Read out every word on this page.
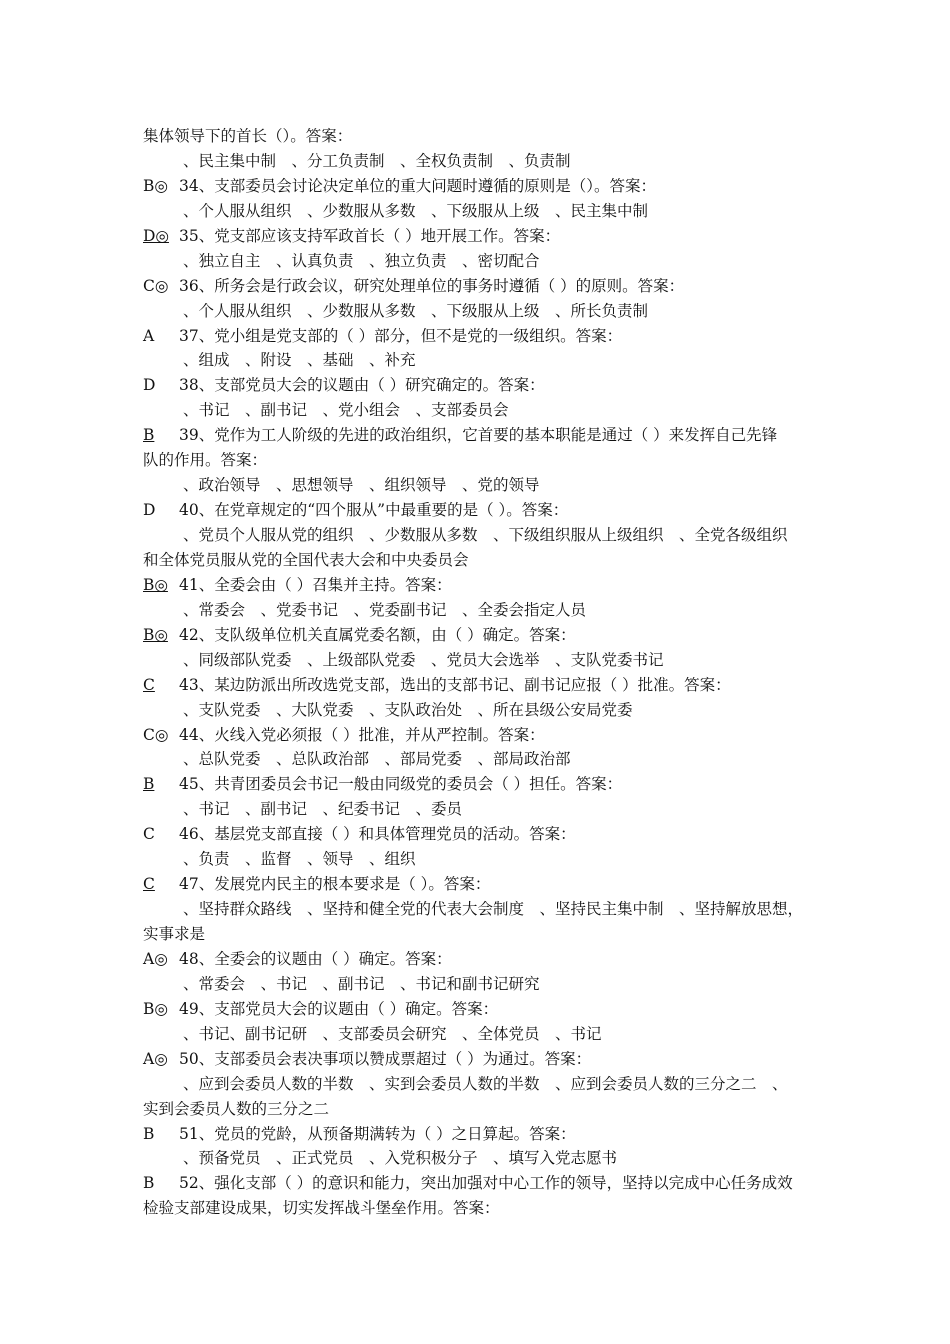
集体领导下的首长（）。答案：
、民主集中制　、分工负责制　、全权负责制　、负责制
B◎ 34、支部委员会讨论决定单位的重大问题时遵循的原则是（）。答案：
、个人服从组织　、少数服从多数　、下级服从上级　、民主集中制
D◎ 35、党支部应该支持军政首长（ ）地开展工作。答案：
、独立自主　、认真负责　、独立负责　、密切配合
C◎ 36、所务会是行政会议，研究处理单位的事务时遵循（ ）的原则。答案：
、个人服从组织　、少数服从多数　、下级服从上级　、所长负责制
A 37、党小组是党支部的（ ）部分，但不是党的一级组织。答案：
、组成　、附设　、基础　、补充
D 38、支部党员大会的议题由（ ）研究确定的。答案：
、书记　、副书记　、党小组会　、支部委员会
B 39、党作为工人阶级的先进的政治组织，它首要的基本职能是通过（ ）来发挥自己先锋
队的作用。答案：
、政治领导　、思想领导　、组织领导　、党的领导
D 40、在党章规定的“四个服从”中最重要的是（ ）。答案：
、党员个人服从党的组织　、少数服从多数　、下级组织服从上级组织　、全党各级组织
和全体党员服从党的全国代表大会和中央委员会
B◎ 41、全委会由（ ）召集并主持。答案：
、常委会　、党委书记　、党委副书记　、全委会指定人员
B◎ 42、支队级单位机关直属党委名额，由（ ）确定。答案：
、同级部队党委　、上级部队党委　、党员大会选举　、支队党委书记
C 43、某边防派出所改选党支部，选出的支部书记、副书记应报（ ）批准。答案：
、支队党委　、大队党委　、支队政治处　、所在县级公安局党委
C◎ 44、火线入党必须报（ ）批准，并从严控制。答案：
、总队党委　、总队政治部　、部局党委　、部局政治部
B 45、共青团委员会书记一般由同级党的委员会（ ）担任。答案：
、书记　、副书记　、纪委书记　、委员
C 46、基层党支部直接（ ）和具体管理党员的活动。答案：
、负责　、监督　、领导　、组织
C 47、发展党内民主的根本要求是（ ）。答案：
、坚持群众路线　、坚持和健全党的代表大会制度　、坚持民主集中制　、坚持解放思想，
实事求是
A◎ 48、全委会的议题由（ ）确定。答案：
、常委会　、书记　、副书记　、书记和副书记研究
B◎ 49、支部党员大会的议题由（ ）确定。答案：
、书记、副书记研　、支部委员会研究　、全体党员　、书记
A◎ 50、支部委员会表决事项以赞成票超过（ ）为通过。答案：
、应到会委员人数的半数　、实到会委员人数的半数　、应到会委员人数的三分之二　、
实到会委员人数的三分之二
B 51、党员的党龄，从预备期满转为（ ）之日算起。答案：
、预备党员　、正式党员　、入党积极分子　、填写入党志愿书
B 52、强化支部（ ）的意识和能力，突出加强对中心工作的领导，坚持以完成中心任务成效
检验支部建设成果，切实发挥战斗堡垒作用。答案：
